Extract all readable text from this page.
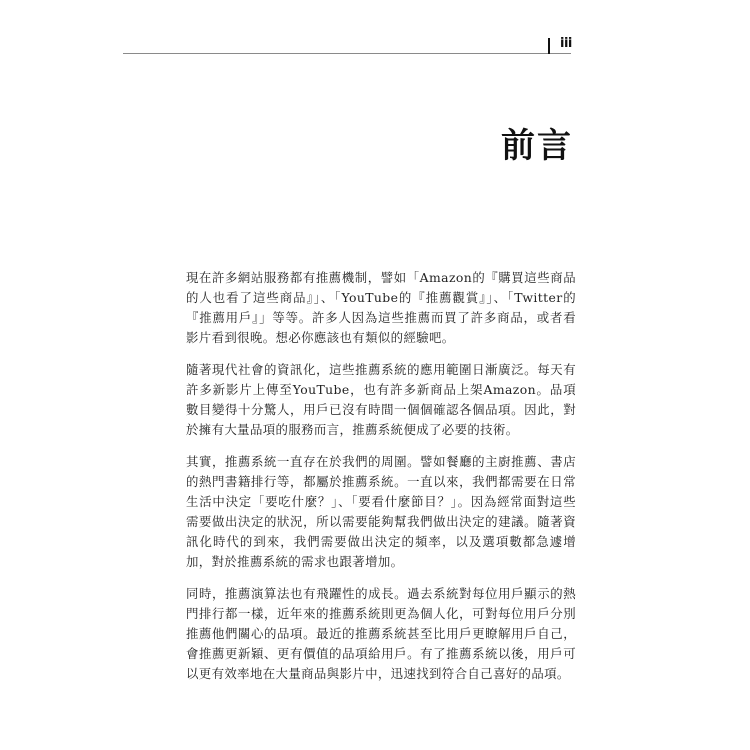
iii
前言

現在許多網站服務都有推薦機制，譬如「Amazon的『購買這些商品的人也看了這些商品』」、「YouTube的『推薦觀賞』」、「Twitter的『推薦用戶』」等等。許多人因為這些推薦而買了許多商品，或者看影片看到很晚。想必你應該也有類似的經驗吧。

隨著現代社會的資訊化，這些推薦系統的應用範圍日漸廣泛。每天有許多新影片上傳至YouTube，也有許多新商品上架Amazon。品項數目變得十分驚人，用戶已沒有時間一個個確認各個品項。因此，對於擁有大量品項的服務而言，推薦系統便成了必要的技術。

其實，推薦系統一直存在於我們的周圍。譬如餐廳的主廚推薦、書店的熱門書籍排行等，都屬於推薦系統。一直以來，我們都需要在日常生活中決定「要吃什麼？」、「要看什麼節目？」。因為經常面對這些需要做出決定的狀況，所以需要能夠幫我們做出決定的建議。隨著資訊化時代的到來，我們需要做出決定的頻率，以及選項數都急遽增加，對於推薦系統的需求也跟著增加。

同時，推薦演算法也有飛躍性的成長。過去系統對每位用戶顯示的熱門排行都一樣，近年來的推薦系統則更為個人化，可對每位用戶分別推薦他們關心的品項。最近的推薦系統甚至比用戶更瞭解用戶自己，會推薦更新穎、更有價值的品項給用戶。有了推薦系統以後，用戶可以更有效率地在大量商品與影片中，迅速找到符合自己喜好的品項。
